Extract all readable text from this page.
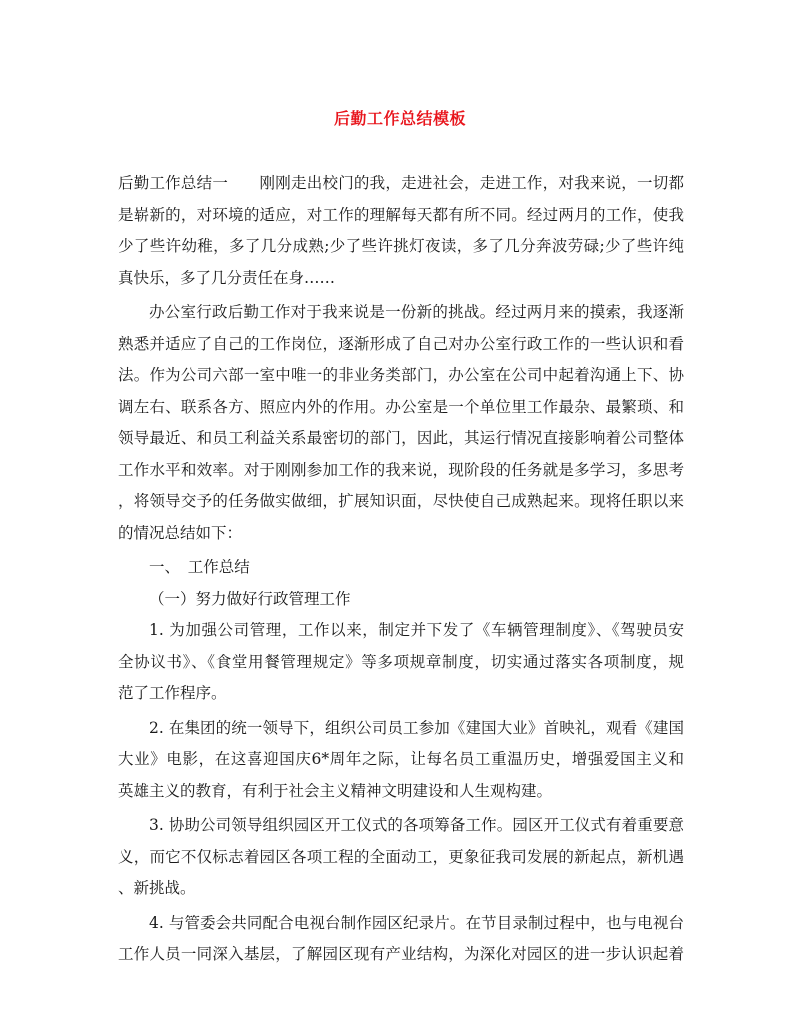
后勤工作总结模板
后勤工作总结一　　刚刚走出校门的我，走进社会，走进工作，对我来说，一切都
是崭新的，对环境的适应，对工作的理解每天都有所不同。经过两月的工作，使我
少了些许幼稚，多了几分成熟;少了些许挑灯夜读，多了几分奔波劳碌;少了些许纯
真快乐，多了几分责任在身……
办公室行政后勤工作对于我来说是一份新的挑战。经过两月来的摸索，我逐渐
熟悉并适应了自己的工作岗位，逐渐形成了自己对办公室行政工作的一些认识和看
法。作为公司六部一室中唯一的非业务类部门，办公室在公司中起着沟通上下、协
调左右、联系各方、照应内外的作用。办公室是一个单位里工作最杂、最繁琐、和
领导最近、和员工利益关系最密切的部门，因此，其运行情况直接影响着公司整体
工作水平和效率。对于刚刚参加工作的我来说，现阶段的任务就是多学习，多思考
，将领导交予的任务做实做细，扩展知识面，尽快使自己成熟起来。现将任职以来
的情况总结如下：
一、　工作总结
（一）努力做好行政管理工作
1. 为加强公司管理，工作以来，制定并下发了《车辆管理制度》、《驾驶员安
全协议书》、《食堂用餐管理规定》等多项规章制度，切实通过落实各项制度，规
范了工作程序。
2. 在集团的统一领导下，组织公司员工参加《建国大业》首映礼，观看《建国
大业》电影，在这喜迎国庆6*周年之际，让每名员工重温历史，增强爱国主义和
英雄主义的教育，有利于社会主义精神文明建设和人生观构建。
3. 协助公司领导组织园区开工仪式的各项筹备工作。园区开工仪式有着重要意
义，而它不仅标志着园区各项工程的全面动工，更象征我司发展的新起点，新机遇
、新挑战。
4. 与管委会共同配合电视台制作园区纪录片。在节目录制过程中，也与电视台
工作人员一同深入基层，了解园区现有产业结构，为深化对园区的进一步认识起着
